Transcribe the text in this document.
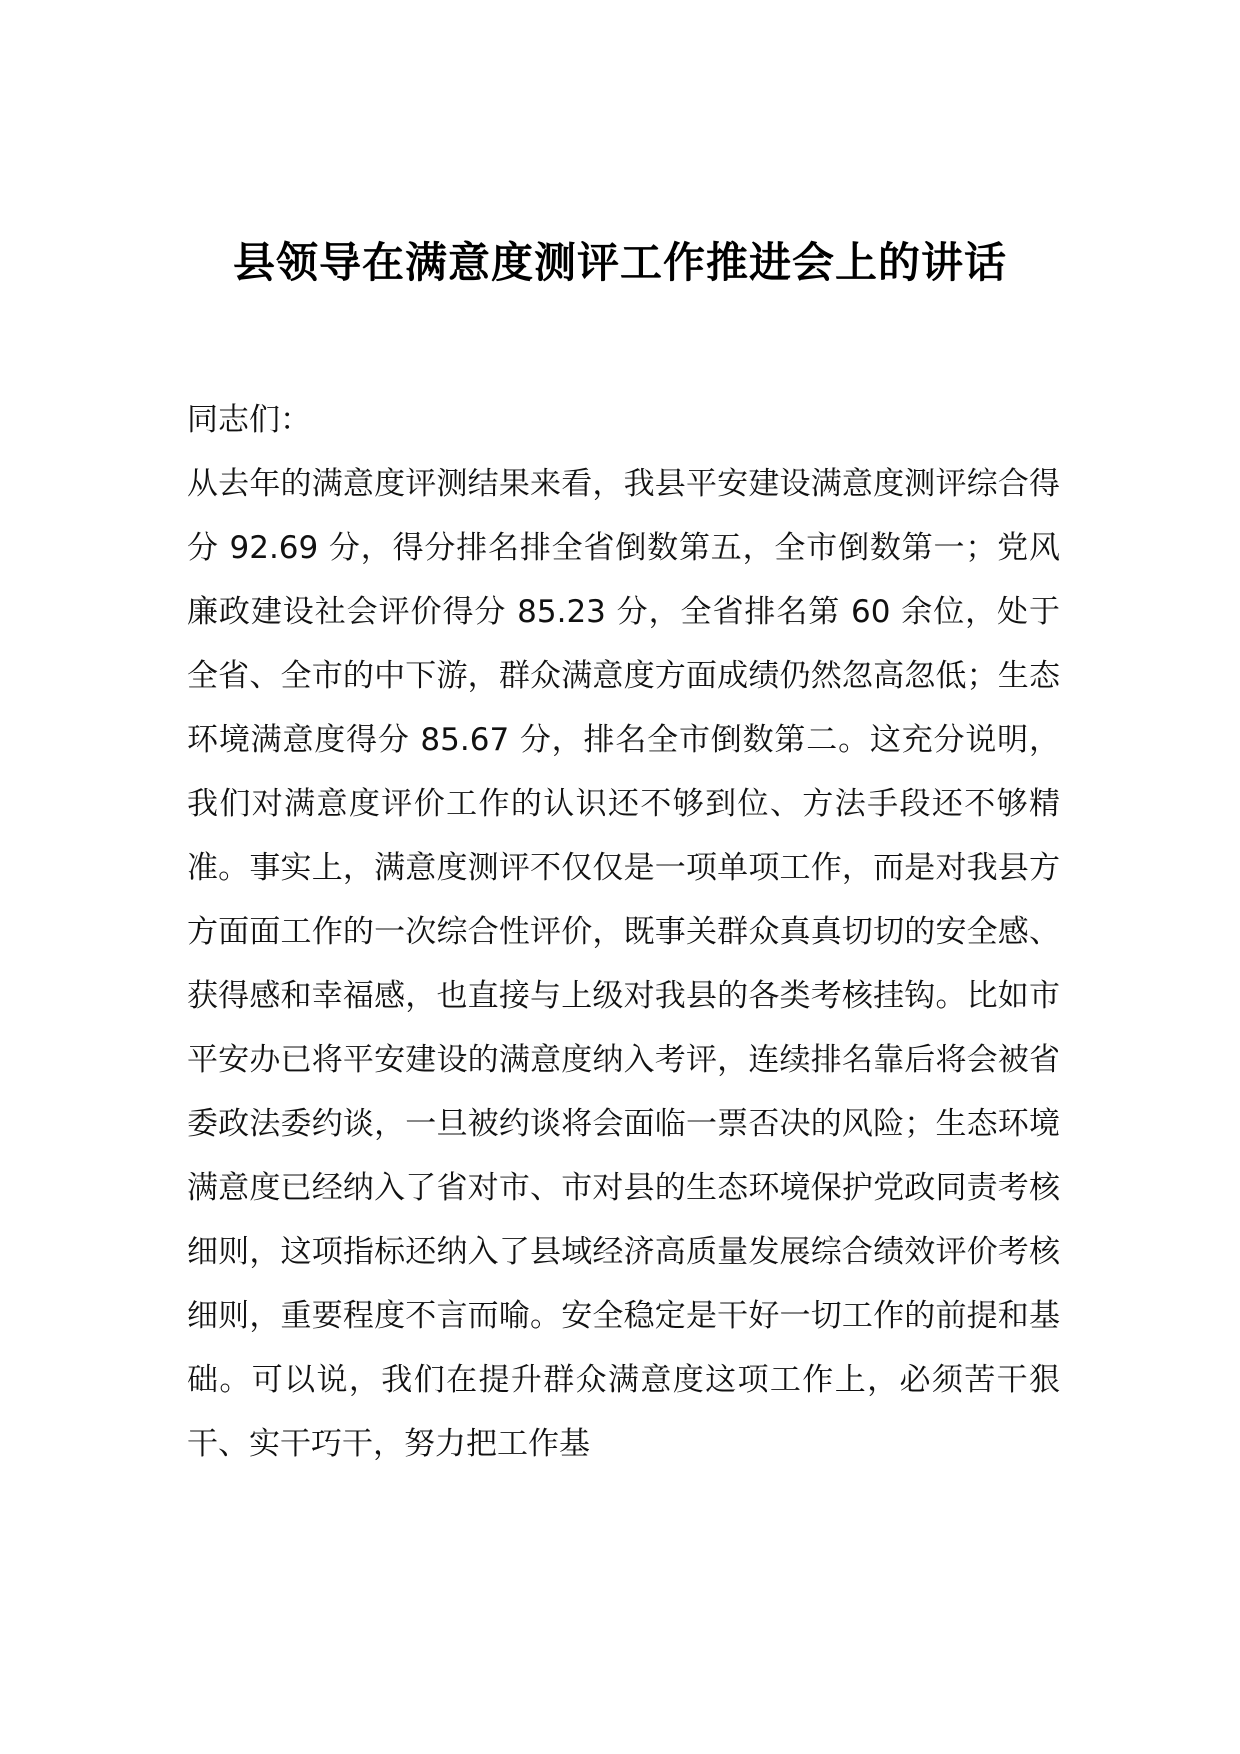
县领导在满意度测评工作推进会上的讲话

同志们：

从去年的满意度评测结果来看，我县平安建设满意度测评综合得分 92.69 分，得分排名排全省倒数第五，全市倒数第一；党风廉政建设社会评价得分 85.23 分，全省排名第 60 余位，处于全省、全市的中下游，群众满意度方面成绩仍然忽高忽低；生态环境满意度得分 85.67 分，排名全市倒数第二。这充分说明，我们对满意度评价工作的认识还不够到位、方法手段还不够精准。事实上，满意度测评不仅仅是一项单项工作，而是对我县方方面面工作的一次综合性评价，既事关群众真真切切的安全感、获得感和幸福感，也直接与上级对我县的各类考核挂钩。比如市平安办已将平安建设的满意度纳入考评，连续排名靠后将会被省委政法委约谈，一旦被约谈将会面临一票否决的风险；生态环境满意度已经纳入了省对市、市对县的生态环境保护党政同责考核细则，这项指标还纳入了县域经济高质量发展综合绩效评价考核细则，重要程度不言而喻。安全稳定是干好一切工作的前提和基础。可以说，我们在提升群众满意度这项工作上，必须苦干狠干、实干巧干，努力把工作基
